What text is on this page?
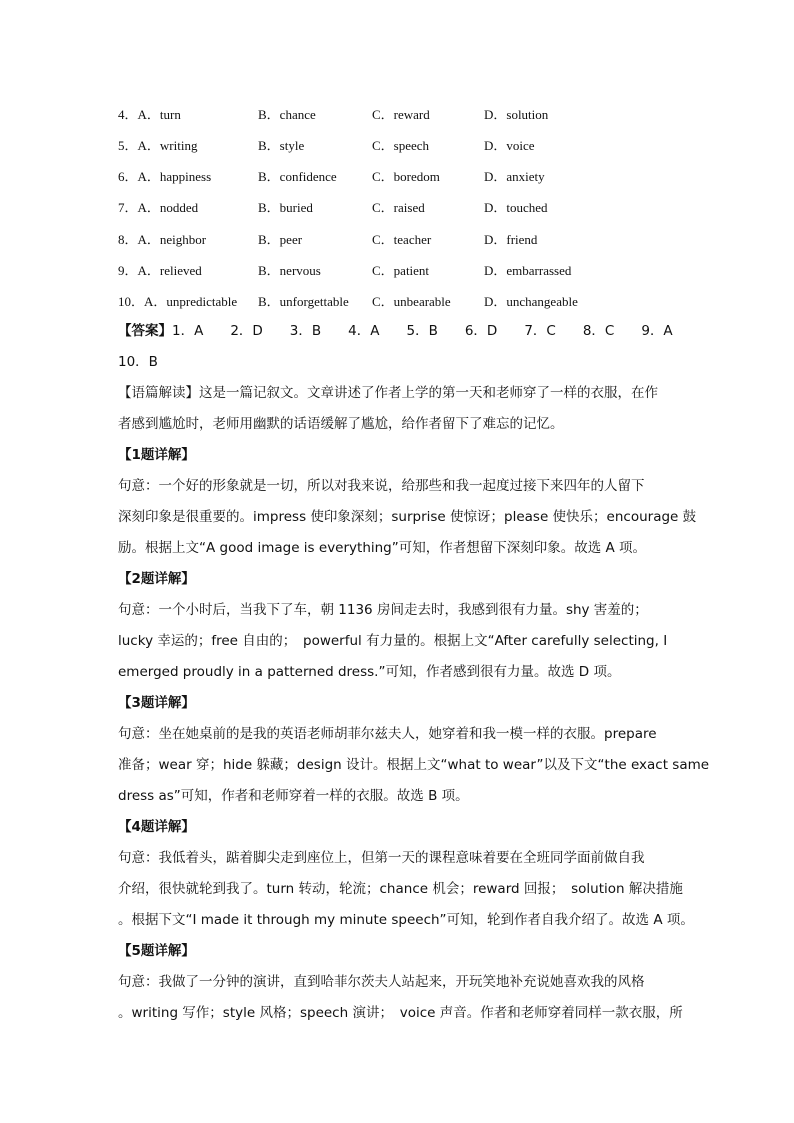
4．A．turn	B．chance	C．reward	D．solution
5．A．writing	B．style	C．speech	D．voice
6．A．happiness	B．confidence	C．boredom	D．anxiety
7．A．nodded	B．buried	C．raised	D．touched
8．A．neighbor	B．peer	C．teacher	D．friend
9．A．relieved	B．nervous	C．patient	D．embarrassed
10．A．unpredictable B．unforgettable C．unbearable	D．unchangeable
【答案】1．A　　2．D　　3．B　　4．A　　5．B　　6．D　　7．C　　8．C　　9．A
10．B
【语篇解读】这是一篇记叙文。文章讲述了作者上学的第一天和老师穿了一样的衣服，在作
者感到尴尬时，老师用幽默的话语缓解了尴尬，给作者留下了难忘的记忆。
【1题详解】
句意：一个好的形象就是一切，所以对我来说，给那些和我一起度过接下来四年的人留下
深刻印象是很重要的。impress 使印象深刻；surprise 使惊讶；please 使快乐；encourage 鼓
励。根据上文“A good image is everything”可知，作者想留下深刻印象。故选 A 项。
【2题详解】
句意：一个小时后，当我下了车，朝 1136 房间走去时，我感到很有力量。shy 害羞的；
lucky 幸运的；free 自由的；　powerful 有力量的。根据上文“After carefully selecting, I
emerged proudly in a patterned dress.”可知，作者感到很有力量。故选 D 项。
【3题详解】
句意：坐在她桌前的是我的英语老师胡菲尔兹夫人，她穿着和我一模一样的衣服。prepare
准备；wear 穿；hide 躲藏；design 设计。根据上文“what to wear”以及下文“the exact same
dress as”可知，作者和老师穿着一样的衣服。故选 B 项。
【4题详解】
句意：我低着头，踮着脚尖走到座位上，但第一天的课程意味着要在全班同学面前做自我
介绍，很快就轮到我了。turn 转动，轮流；chance 机会；reward 回报；　solution 解决措施
。根据下文“I made it through my minute speech”可知，轮到作者自我介绍了。故选 A 项。
【5题详解】
句意：我做了一分钟的演讲，直到哈菲尔茨夫人站起来，开玩笑地补充说她喜欢我的风格
。writing 写作；style 风格；speech 演讲；　voice 声音。作者和老师穿着同样一款衣服，所
